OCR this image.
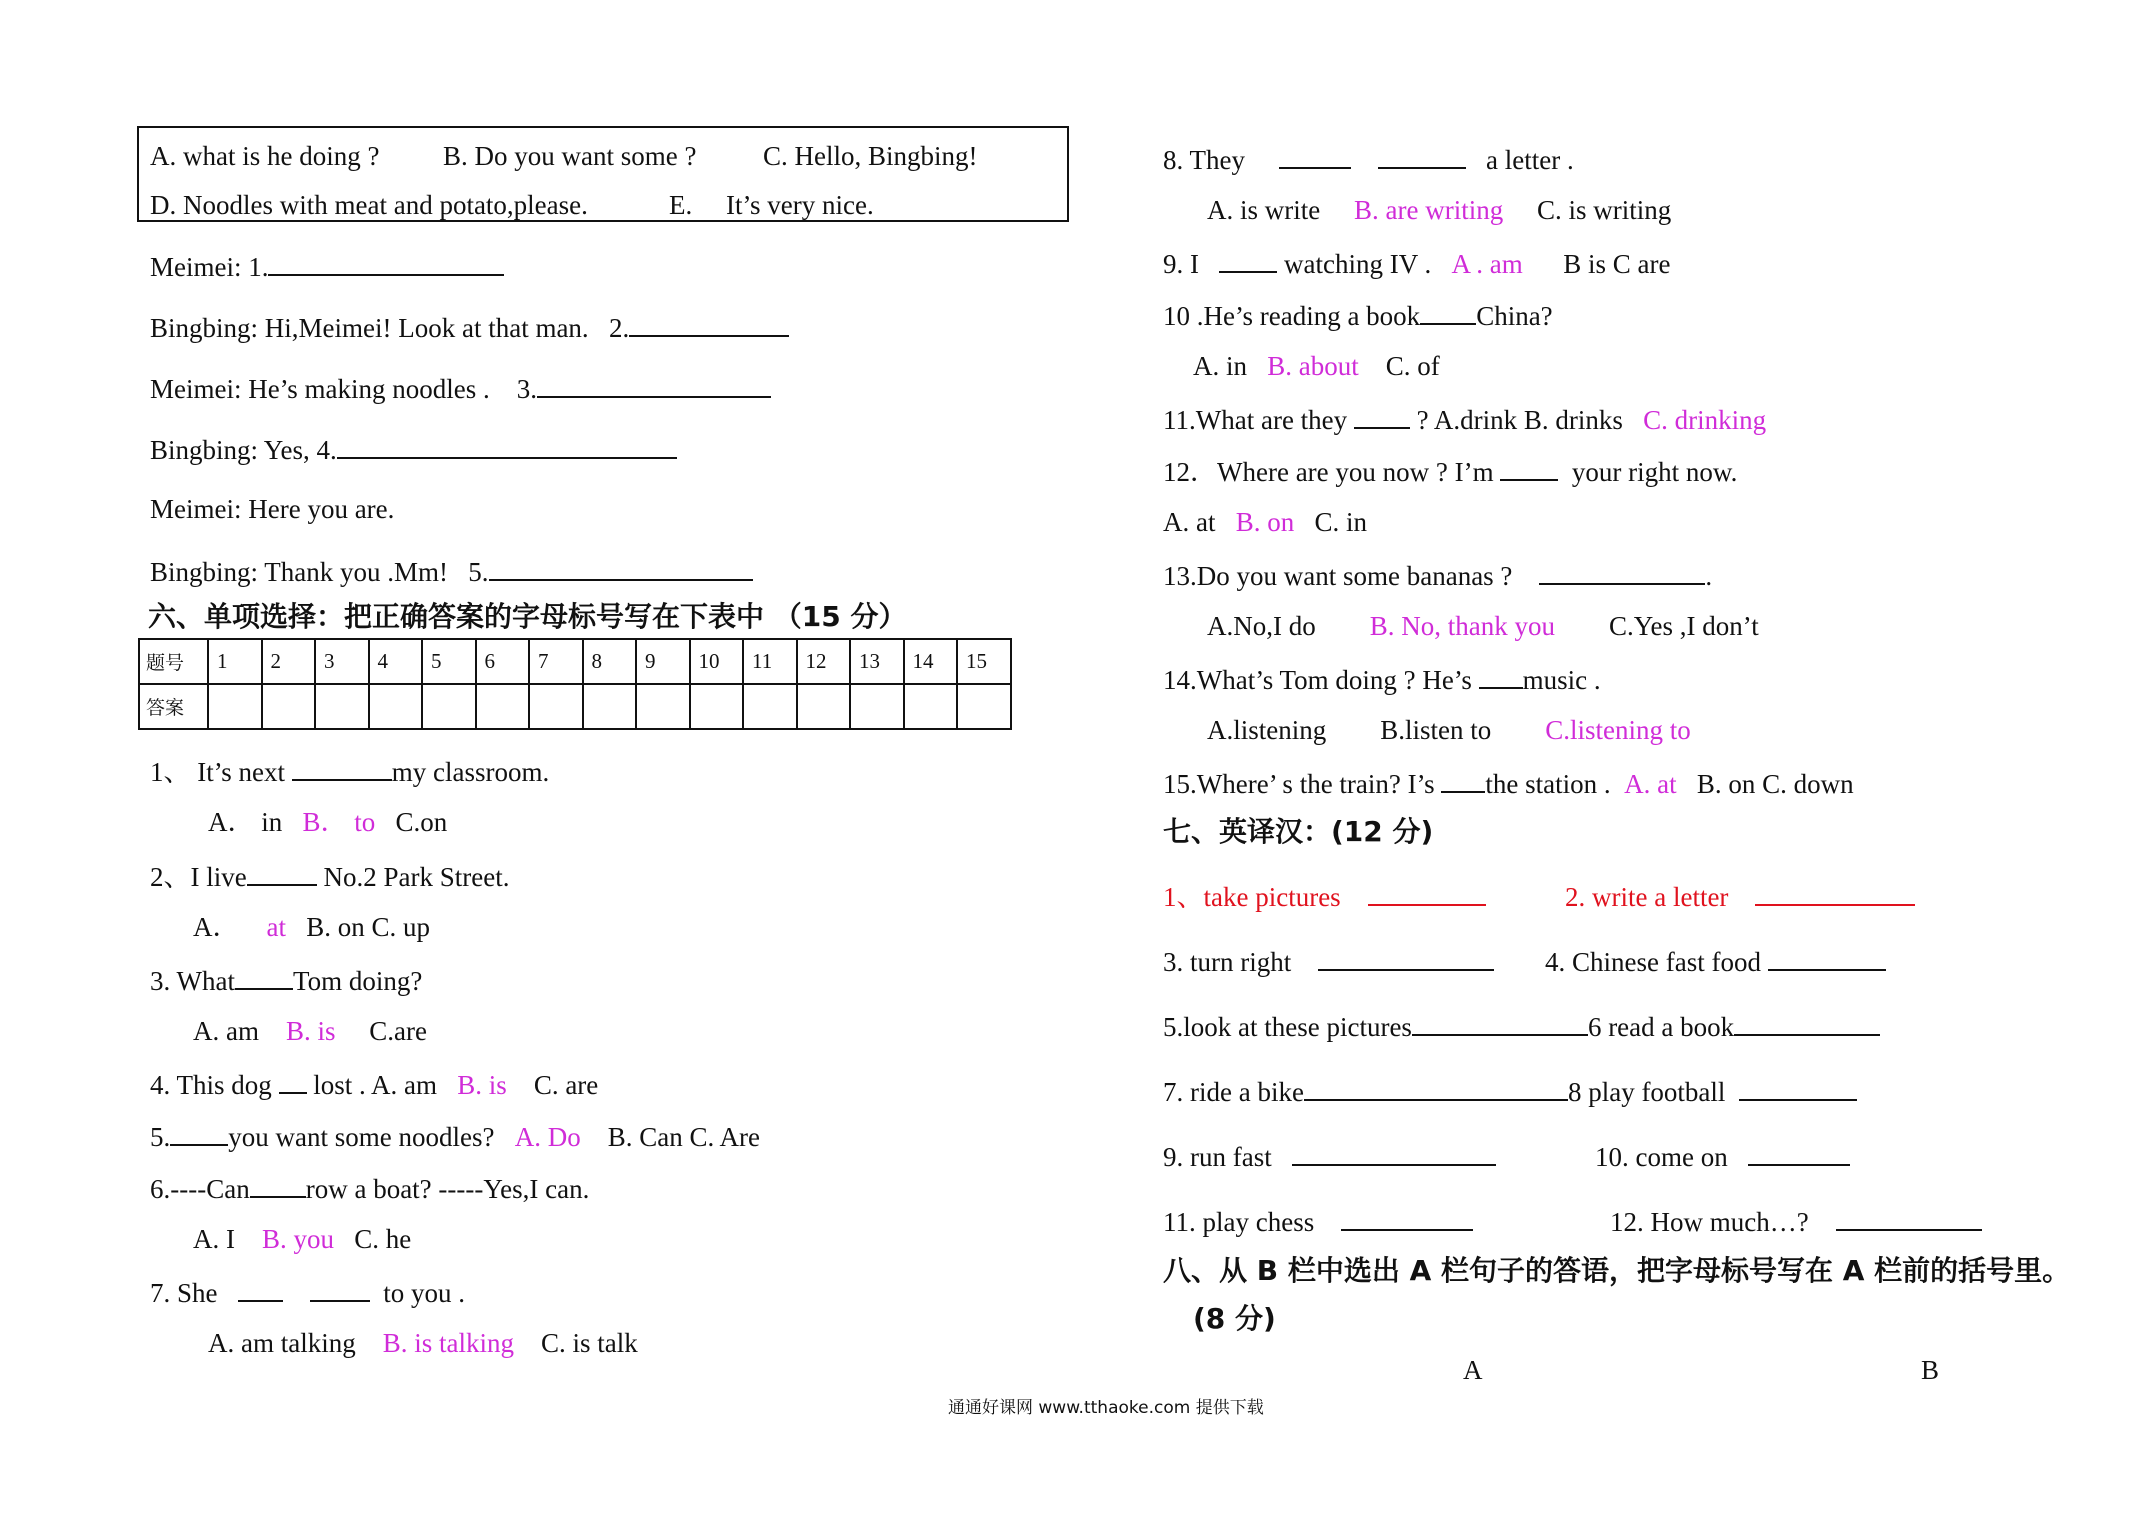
A. what is he doing ? B. Do you want some ? C. Hello, Bingbing!
D. Noodles with meat and potato,please.	E. It’s very nice.
Meimei: 1.
Bingbing: Hi,Meimei! Look at that man. 2.
Meimei: He’s making noodles . 3.
Bingbing: Yes, 4.
Meimei: Here you are.
Bingbing: Thank you .Mm! 5.
六、单项选择：把正确答案的字母标号写在下表中 （15 分）
题号	1	2	3	4	5	6	7	8	9	10	11	12	13	14	15
答案															
1、 It’s next	my classroom.
A． in B． to C.on
2、I live	No.2 Park Street.
A． at B. on C. up
3. What Tom doing?
A. am B. is C.are
4. This dog lost . A. am B. is C. are
5. you want some noodles? A. Do B. Can C. Are
6.----Can row a boat? -----Yes,I can.
A. I B. you C. he
7. She	to you .
A. am talking B. is talking C. is talk
8. They	a letter .
A. is write B. are writing C. is writing
9. I	watching IV . A . am B is C are
10 .He’s reading a book China?
A. in B. about C. of
11.What are they	? A.drink B. drinks C. drinking
12．Where are you now ? I’m	your right now.
A. at B. on C. in
13.Do you want some bananas ?	.
A.No,I do B. No, thank you C.Yes ,I don’t
14.What’s Tom doing ? He’s music .
A.listening B.listen to C.listening to
15.Where’ s the train? I’s the station . A. at B. on C. down
七、英译汉：(12 分)
1、take pictures	2. write a letter
3. turn right	4. Chinese fast food
5.look at these pictures	6 read a book
7. ride a bike	8 play football
9. run fast	10. come on
11. play chess	12. How much…?
八、从 B 栏中选出 A 栏句子的答语，把字母标号写在 A 栏前的括号里。
(8 分)
A	B
通通好课网 www.tthaoke.com 提供下载
